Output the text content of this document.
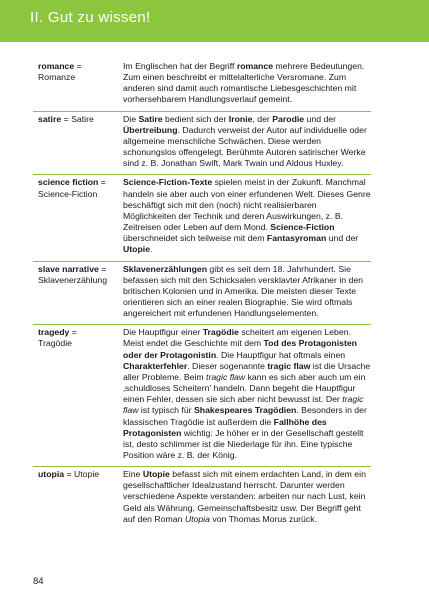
II. Gut zu wissen!
romance =
Romanze	Im Englischen hat der Begriff romance mehrere Bedeutungen. Zum einen beschreibt er mittelalterliche Versromane. Zum anderen sind damit auch romantische Liebesgeschichten mit vorhersehbarem Handlungsverlauf gemeint.
satire = Satire	Die Satire bedient sich der Ironie, der Parodie und der Übertreibung. Dadurch verweist der Autor auf individuelle oder allgemeine menschliche Schwächen. Diese werden schonungslos offengelegt. Berühmte Autoren satirischer Werke sind z. B. Jonathan Swift, Mark Twain und Aldous Huxley.
science fiction =
Science-Fiction	Science-Fiction-Texte spielen meist in der Zukunft. Manchmal handeln sie aber auch von einer erfundenen Welt. Dieses Genre beschäftigt sich mit den (noch) nicht realisierbaren Möglichkeiten der Technik und deren Auswirkungen, z. B. Zeitreisen oder Leben auf dem Mond. Science-Fiction überschneidet sich teilweise mit dem Fantasyroman und der Utopie.
slave narrative =
Sklavenerzählung	Sklavenerzählungen gibt es seit dem 18. Jahrhundert. Sie befassen sich mit den Schicksalen versklavter Afrikaner in den britischen Kolonien und in Amerika. Die meisten dieser Texte orientieren sich an einer realen Biographie. Sie wird oftmals angereichert mit erfundenen Handlungselementen.
tragedy =
Tragödie	Die Hauptfigur einer Tragödie scheitert am eigenen Leben. Meist endet die Geschichte mit dem Tod des Protagonisten oder der Protagonistin. Die Hauptfigur hat oftmals einen Charakterfehler. Dieser sogenannte tragic flaw ist die Ursache aller Probleme. Beim tragic flaw kann es sich aber auch um ein ‚schuldloses Scheitern' handeln. Dann begeht die Hauptfigur einen Fehler, dessen sie sich aber nicht bewusst ist. Der tragic flaw ist typisch für Shakespeares Tragödien. Besonders in der klassischen Tragödie ist außerdem die Fallhöhe des Protagonisten wichtig: Je höher er in der Gesellschaft gestellt ist, desto schlimmer ist die Niederlage für ihn. Eine typische Position wäre z. B. der König.
utopia = Utopie	Eine Utopie befasst sich mit einem erdachten Land, in dem ein gesellschaftlicher Idealzustand herrscht. Darunter werden verschiedene Aspekte verstanden: arbeiten nur nach Lust, kein Geld als Währung, Gemeinschaftsbesitz usw. Der Begriff geht auf den Roman Utopia von Thomas Morus zurück.
84
